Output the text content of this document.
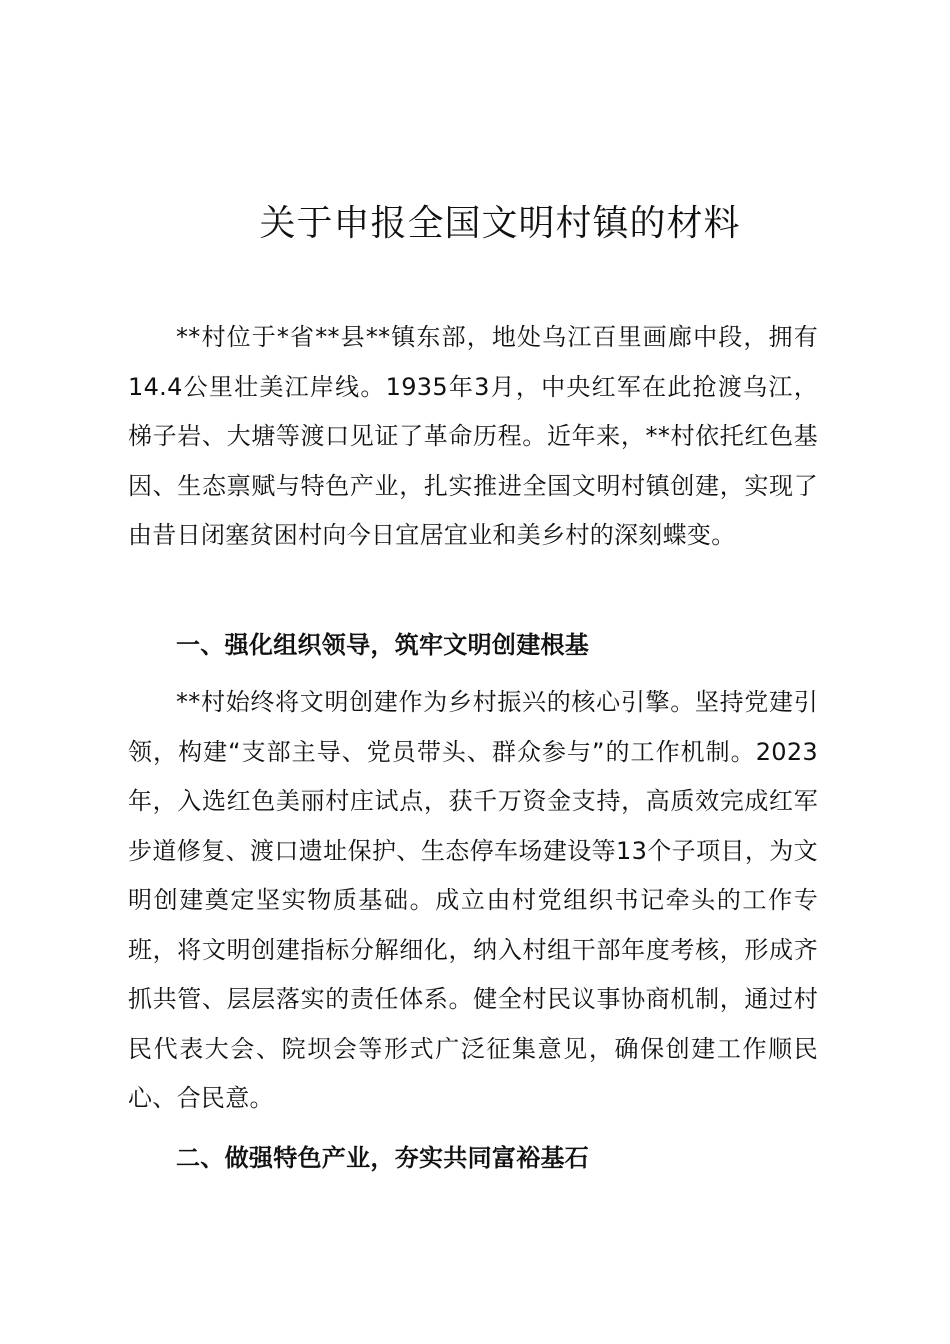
关于申报全国文明村镇的材料

**村位于*省**县**镇东部，地处乌江百里画廊中段，拥有14.4公里壮美江岸线。1935年3月，中央红军在此抢渡乌江，梯子岩、大塘等渡口见证了革命历程。近年来，**村依托红色基因、生态禀赋与特色产业，扎实推进全国文明村镇创建，实现了由昔日闭塞贫困村向今日宜居宜业和美乡村的深刻蝶变。

一、强化组织领导，筑牢文明创建根基

**村始终将文明创建作为乡村振兴的核心引擎。坚持党建引领，构建“支部主导、党员带头、群众参与”的工作机制。2023年，入选红色美丽村庄试点，获千万资金支持，高质效完成红军步道修复、渡口遗址保护、生态停车场建设等13个子项目，为文明创建奠定坚实物质基础。成立由村党组织书记牵头的工作专班，将文明创建指标分解细化，纳入村组干部年度考核，形成齐抓共管、层层落实的责任体系。健全村民议事协商机制，通过村民代表大会、院坝会等形式广泛征集意见，确保创建工作顺民心、合民意。

二、做强特色产业，夯实共同富裕基石
